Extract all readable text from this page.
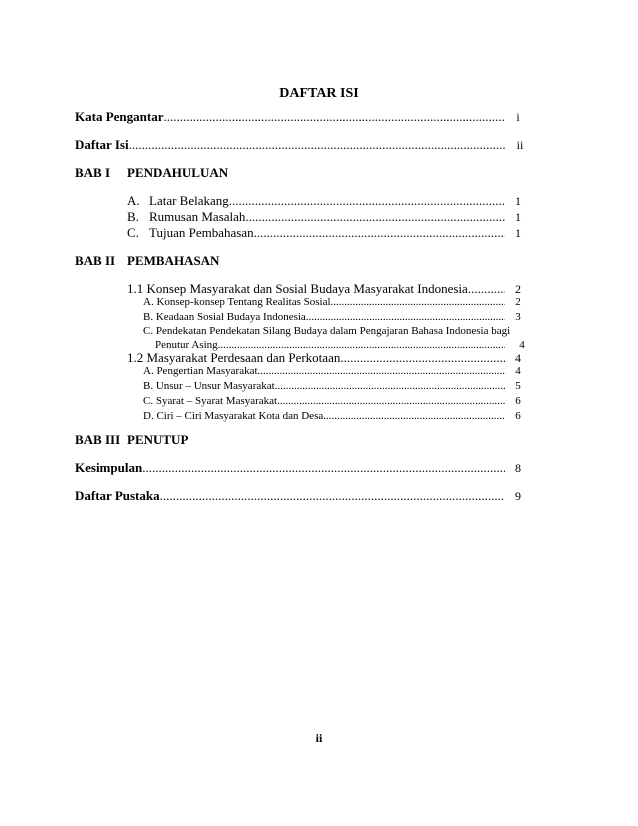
DAFTAR ISI
Kata Pengantar .....	i
Daftar Isi .....	ii
BAB I PENDAHULUAN
A. Latar Belakang .....	1
B. Rumusan Masalah .....	1
C. Tujuan Pembahasan .....	1
BAB II PEMBAHASAN
1.1 Konsep Masyarakat dan Sosial Budaya Masyarakat Indonesia .....	2
A. Konsep-konsep Tentang Realitas Sosial .....	2
B. Keadaan Sosial Budaya Indonesia .....	3
C. Pendekatan Pendekatan Silang Budaya dalam Pengajaran Bahasa Indonesia bagi
Penutur Asing .....	4
1.2 Masyarakat Perdesaan dan Perkotaan .....	4
A. Pengertian Masyarakat .....	4
B. Unsur – Unsur Masyarakat .....	5
C. Syarat – Syarat Masyarakat .....	6
D. Ciri – Ciri Masyarakat Kota dan Desa .....	6
BAB III PENUTUP
Kesimpulan .....	8
Daftar Pustaka .....	9
ii
